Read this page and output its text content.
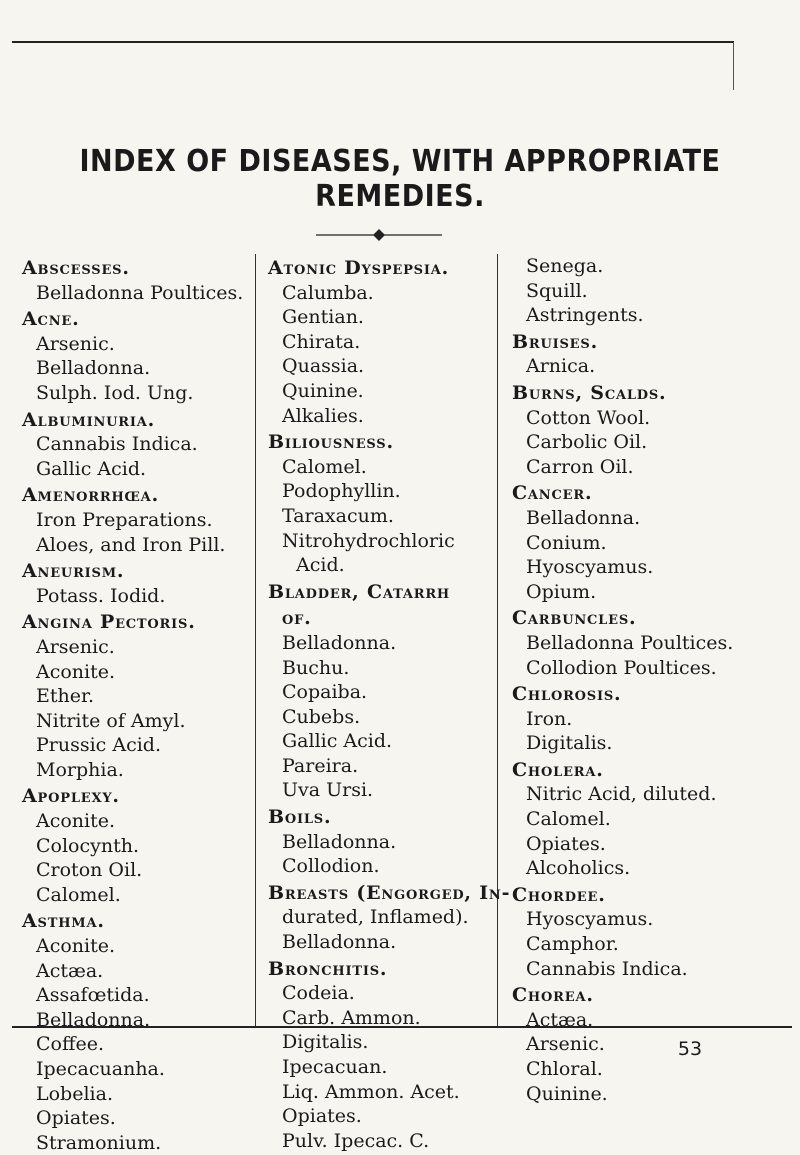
INDEX OF DISEASES, WITH APPROPRIATE REMEDIES.
Abscesses.
Belladonna Poultices.
Acne.
Arsenic.
Belladonna.
Sulph. Iod. Ung.
Albuminuria.
Cannabis Indica.
Gallic Acid.
Amenorrhœa.
Iron Preparations.
Aloes, and Iron Pill.
Aneurism.
Potass. Iodid.
Angina Pectoris.
Arsenic.
Aconite.
Ether.
Nitrite of Amyl.
Prussic Acid.
Morphia.
Apoplexy.
Aconite.
Colocynth.
Croton Oil.
Calomel.
Asthma.
Aconite.
Actæa.
Assafœtida.
Belladonna.
Coffee.
Ipecacuanha.
Lobelia.
Opiates.
Stramonium.
Atonic Dyspepsia.
Calumba.
Gentian.
Chirata.
Quassia.
Quinine.
Alkalies.
Biliousness.
Calomel.
Podophyllin.
Taraxacum.
Nitrohydrochloric
Acid.
Bladder, Catarrh
of.
Belladonna.
Buchu.
Copaiba.
Cubebs.
Gallic Acid.
Pareira.
Uva Ursi.
Boils.
Belladonna.
Collodion.
Breasts (Engorged, In-
durated, Inflamed).
Belladonna.
Bronchitis.
Codeia.
Carb. Ammon.
Digitalis.
Ipecacuan.
Liq. Ammon. Acet.
Opiates.
Pulv. Ipecac. C.
Senega.
Squill.
Astringents.
Bruises.
Arnica.
Burns, Scalds.
Cotton Wool.
Carbolic Oil.
Carron Oil.
Cancer.
Belladonna.
Conium.
Hyoscyamus.
Opium.
Carbuncles.
Belladonna Poultices.
Collodion Poultices.
Chlorosis.
Iron.
Digitalis.
Cholera.
Nitric Acid, diluted.
Calomel.
Opiates.
Alcoholics.
Chordee.
Hyoscyamus.
Camphor.
Cannabis Indica.
Chorea.
Actæa.
Arsenic.
Chloral.
Quinine.
53
